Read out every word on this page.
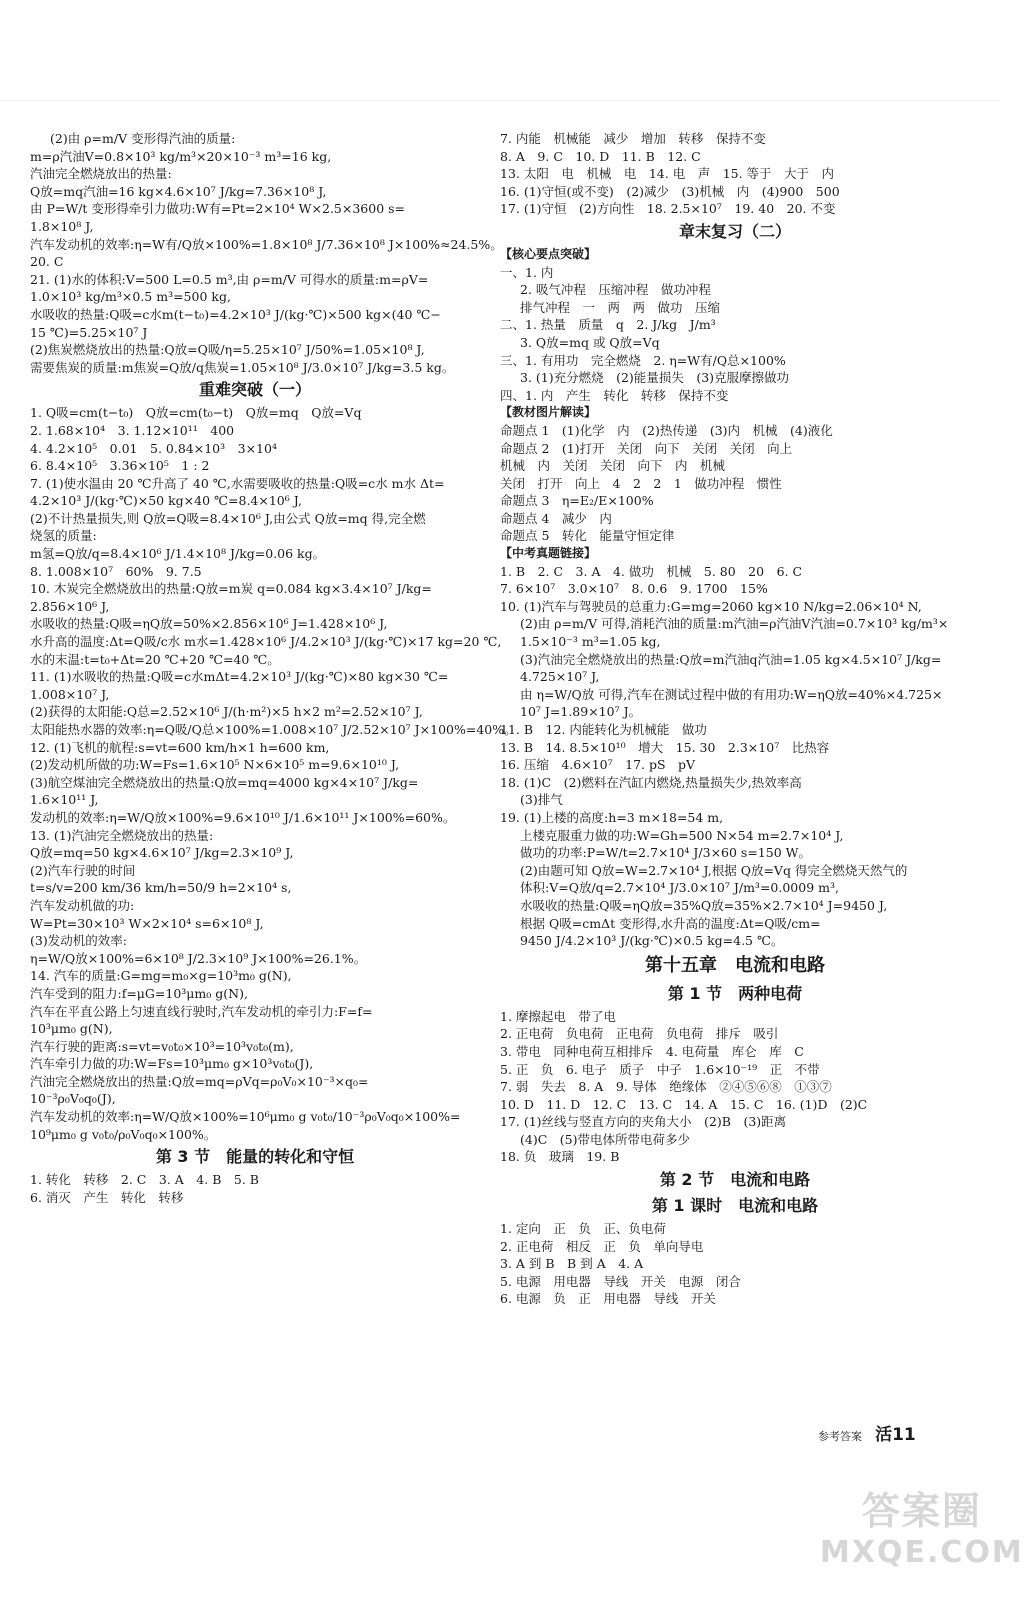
(2)由 ρ=m/V 变形得汽油的质量:
m=ρ汽油V=0.8×10³ kg/m³×20×10⁻³ m³=16 kg,
汽油完全燃烧放出的热量:
Q放=mq汽油=16 kg×4.6×10⁷ J/kg=7.36×10⁸ J,
由 P=W/t 变形得牵引力做功:W有=Pt=2×10⁴ W×2.5×3600 s=
1.8×10⁸ J,
汽车发动机的效率:η=W有/Q放×100%=1.8×10⁸ J/7.36×10⁸ J×100%≈24.5%。
20. C
21. (1)水的体积:V=500 L=0.5 m³,由 ρ=m/V 可得水的质量:m=ρV=
1.0×10³ kg/m³×0.5 m³=500 kg,
水吸收的热量:Q吸=c水m(t−t₀)=4.2×10³ J/(kg·℃)×500 kg×(40 ℃−
15 ℃)=5.25×10⁷ J
(2)焦炭燃烧放出的热量:Q放=Q吸/η=5.25×10⁷ J/50%=1.05×10⁸ J,
需要焦炭的质量:m焦炭=Q放/q焦炭=1.05×10⁸ J/3.0×10⁷ J/kg=3.5 kg。
重难突破（一）
1. Q吸=cm(t−t₀)　Q放=cm(t₀−t)　Q放=mq　Q放=Vq
2. 1.68×10⁴　3. 1.12×10¹¹　400
4. 4.2×10⁵　0.01　5. 0.84×10³　3×10⁴
6. 8.4×10⁵　3.36×10⁵　1 : 2
7. (1)使水温由 20 ℃升高了 40 ℃,水需要吸收的热量:Q吸=c水 m水 Δt=
4.2×10³ J/(kg·℃)×50 kg×40 ℃=8.4×10⁶ J,
(2)不计热量损失,则 Q放=Q吸=8.4×10⁶ J,由公式 Q放=mq 得,完全燃
烧氢的质量:
m氢=Q放/q=8.4×10⁶ J/1.4×10⁸ J/kg=0.06 kg。
8. 1.008×10⁷　60%　9. 7.5
10. 木炭完全燃烧放出的热量:Q放=m炭 q=0.084 kg×3.4×10⁷ J/kg=
2.856×10⁶ J,
水吸收的热量:Q吸=ηQ放=50%×2.856×10⁶ J=1.428×10⁶ J,
水升高的温度:Δt=Q吸/c水 m水=1.428×10⁶ J/4.2×10³ J/(kg·℃)×17 kg=20 ℃,
水的末温:t=t₀+Δt=20 ℃+20 ℃=40 ℃。
11. (1)水吸收的热量:Q吸=c水mΔt=4.2×10³ J/(kg·℃)×80 kg×30 ℃=
1.008×10⁷ J,
(2)获得的太阳能:Q总=2.52×10⁶ J/(h·m²)×5 h×2 m²=2.52×10⁷ J,
太阳能热水器的效率:η=Q吸/Q总×100%=1.008×10⁷ J/2.52×10⁷ J×100%=40%。
12. (1)飞机的航程:s=vt=600 km/h×1 h=600 km,
(2)发动机所做的功:W=Fs=1.6×10⁵ N×6×10⁵ m=9.6×10¹⁰ J,
(3)航空煤油完全燃烧放出的热量:Q放=mq=4000 kg×4×10⁷ J/kg=
1.6×10¹¹ J,
发动机的效率:η=W/Q放×100%=9.6×10¹⁰ J/1.6×10¹¹ J×100%=60%。
13. (1)汽油完全燃烧放出的热量:
Q放=mq=50 kg×4.6×10⁷ J/kg=2.3×10⁹ J,
(2)汽车行驶的时间
t=s/v=200 km/36 km/h=50/9 h=2×10⁴ s,
汽车发动机做的功:
W=Pt=30×10³ W×2×10⁴ s=6×10⁸ J,
(3)发动机的效率:
η=W/Q放×100%=6×10⁸ J/2.3×10⁹ J×100%=26.1%。
14. 汽车的质量:G=mg=m₀×g=10³m₀ g(N),
汽车受到的阻力:f=μG=10³μm₀ g(N),
汽车在平直公路上匀速直线行驶时,汽车发动机的牵引力:F=f=
10³μm₀ g(N),
汽车行驶的距离:s=vt=v₀t₀×10³=10³v₀t₀(m),
汽车牵引力做的功:W=Fs=10³μm₀ g×10³v₀t₀(J),
汽油完全燃烧放出的热量:Q放=mq=ρVq=ρ₀V₀×10⁻³×q₀=
10⁻³ρ₀V₀q₀(J),
汽车发动机的效率:η=W/Q放×100%=10⁶μm₀ g v₀t₀/10⁻³ρ₀V₀q₀×100%=
10⁹μm₀ g v₀t₀/ρ₀V₀q₀×100%。
第 3 节　能量的转化和守恒
1. 转化　转移　2. C　3. A　4. B　5. B
6. 消灭　产生　转化　转移
7. 内能　机械能　减少　增加　转移　保持不变
8. A　9. C　10. D　11. B　12. C
13. 太阳　电　机械　电　14. 电　声　15. 等于　大于　内
16. (1)守恒(或不变)　(2)减少　(3)机械　内　(4)900　500
17. (1)守恒　(2)方向性　18. 2.5×10⁷　19. 40　20. 不变
章末复习（二）
【核心要点突破】
一、1. 内
2. 吸气冲程　压缩冲程　做功冲程
排气冲程　一　两　两　做功　压缩
二、1. 热量　质量　q　2. J/kg　J/m³
3. Q放=mq 或 Q放=Vq
三、1. 有用功　完全燃烧　2. η=W有/Q总×100%
3. (1)充分燃烧　(2)能量损失　(3)克服摩擦做功
四、1. 内　产生　转化　转移　保持不变
【教材图片解读】
命题点 1　(1)化学　内　(2)热传递　(3)内　机械　(4)液化
命题点 2　(1)打开　关闭　向下　关闭　关闭　向上
机械　内　关闭　关闭　向下　内　机械
关闭　打开　向上　4　2　2　1　做功冲程　惯性
命题点 3　η=E₂/E×100%
命题点 4　减少　内
命题点 5　转化　能量守恒定律
【中考真题链接】
1. B　2. C　3. A　4. 做功　机械　5. 80　20　6. C
7. 6×10⁷　3.0×10⁷　8. 0.6　9. 1700　15%
10. (1)汽车与驾驶员的总重力:G=mg=2060 kg×10 N/kg=2.06×10⁴ N,
(2)由 ρ=m/V 可得,消耗汽油的质量:m汽油=ρ汽油V汽油=0.7×10³ kg/m³×
1.5×10⁻³ m³=1.05 kg,
(3)汽油完全燃烧放出的热量:Q放=m汽油q汽油=1.05 kg×4.5×10⁷ J/kg=
4.725×10⁷ J,
由 η=W/Q放 可得,汽车在测试过程中做的有用功:W=ηQ放=40%×4.725×
10⁷ J=1.89×10⁷ J。
11. B　12. 内能转化为机械能　做功
13. B　14. 8.5×10¹⁰　增大　15. 30　2.3×10⁷　比热容
16. 压缩　4.6×10⁷　17. pS　pV
18. (1)C　(2)燃料在汽缸内燃烧,热量损失少,热效率高
(3)排气
19. (1)上楼的高度:h=3 m×18=54 m,
上楼克服重力做的功:W=Gh=500 N×54 m=2.7×10⁴ J,
做功的功率:P=W/t=2.7×10⁴ J/3×60 s=150 W。
(2)由题可知 Q放=W=2.7×10⁴ J,根据 Q放=Vq 得完全燃烧天然气的
体积:V=Q放/q=2.7×10⁴ J/3.0×10⁷ J/m³=0.0009 m³,
水吸收的热量:Q吸=ηQ放=35%Q放=35%×2.7×10⁴ J=9450 J,
根据 Q吸=cmΔt 变形得,水升高的温度:Δt=Q吸/cm=
9450 J/4.2×10³ J/(kg·℃)×0.5 kg=4.5 ℃。
第十五章　电流和电路
第 1 节　两种电荷
1. 摩擦起电　带了电
2. 正电荷　负电荷　正电荷　负电荷　排斥　吸引
3. 带电　同种电荷互相排斥　4. 电荷量　库仑　库　C
5. 正　负　6. 电子　质子　中子　1.6×10⁻¹⁹　正　不带
7. 弱　失去　8. A　9. 导体　绝缘体　②④⑤⑥⑧　①③⑦
10. D　11. D　12. C　13. C　14. A　15. C　16. (1)D　(2)C
17. (1)丝线与竖直方向的夹角大小　(2)B　(3)距离
(4)C　(5)带电体所带电荷多少
18. 负　玻璃　19. B
第 2 节　电流和电路
第 1 课时　电流和电路
1. 定向　正　负　正、负电荷
2. 正电荷　相反　正　负　单向导电
3. A 到 B　B 到 A　4. A
5. 电源　用电器　导线　开关　电源　闭合
6. 电源　负　正　用电器　导线　开关
参考答案 活11
答案圈
MXQE.COM
